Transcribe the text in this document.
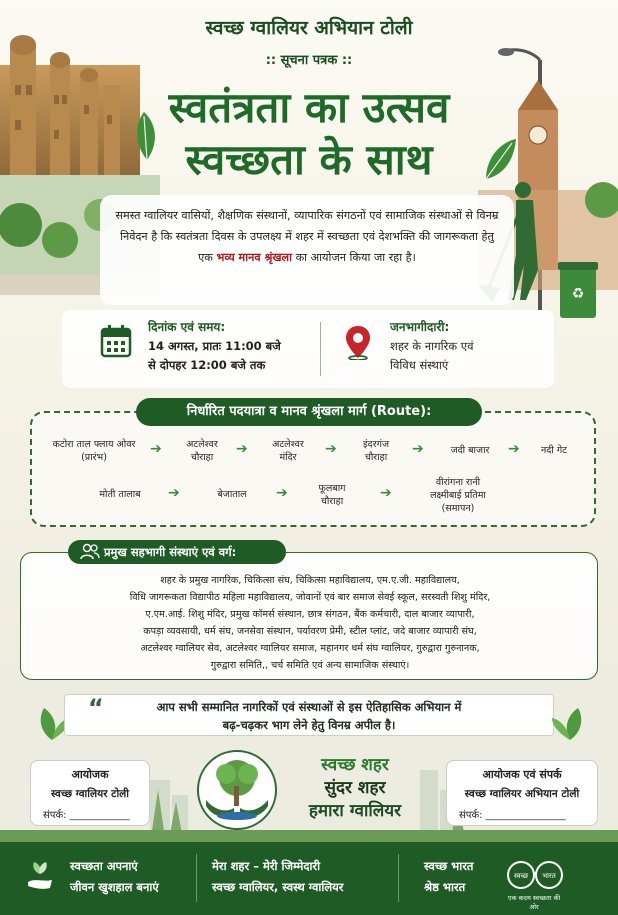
♻
स्वच्छ ग्वालियर अभियान टोली
:: सूचना पत्रक ::
स्वतंत्रता का उत्सव
स्वच्छता के साथ
समस्त ग्वालियर वासियों, शैक्षणिक संस्थानों, व्यापारिक संगठनों एवं सामाजिक संस्थाओं से विनम्र निवेदन है कि स्वतंत्रता दिवस के उपलक्ष्य में शहर में स्वच्छता एवं देशभक्ति की जागरूकता हेतु एक भव्य मानव श्रृंखला का आयोजन किया जा रहा है।
दिनांक एवं समय:
14 अगस्त, प्रातः 11:00 बजे
से दोपहर 12:00 बजे तक
जनभागीदारी:
शहर के नागरिक एवं
विविध संस्थाएं
निर्धारित पदयात्रा व मानव श्रृंखला मार्ग (Route):
कटोरा ताल फ्लाय ओवर
(प्रारंभ)
➔	अटलेश्वर
चौराहा
➔	अटलेश्वर
मंदिर
➔	इंदरगंज
चौराहा
➔	जदी बाजार	➔	नदी गेट
मोती तालाब	➔	बेजाताल	➔	फूलबाग
चौराहा
➔
वीरांगना रानी
लक्ष्मीबाई प्रतिमा
(समापन)
प्रमुख सहभागी संस्थाएं एवं वर्ग:
शहर के प्रमुख नागरिक, चिकित्सा संघ, चिकित्सा महाविद्यालय, एम.ए.जी. महाविद्यालय,
विधि जागरूकता विद्यापीठ महिला महाविद्यालय, जोवानों एवं बार समाज सेवई स्कूल, सरस्वती शिशु मंदिर,
ए.एम.आई. शिशु मंदिर, प्रमुख कॉमर्स संस्थान, छात्र संगठन, बैंक कर्मचारी, दाल बाजार व्यापारी,
कपड़ा व्यवसायी, धर्म संघ, जनसेवा संस्थान, पर्यावरण प्रेमी, स्टील प्लांट, जदे बाजार व्यापारी संघ,
अटलेश्वर ग्वालियर सेव, अटलेश्वर ग्वालियर समाज, महानगर धर्म संघ ग्वालियर, गुरुद्वारा गुरुनानक,
गुरुद्वारा समिति,, चर्च समिति एवं अन्य सामाजिक संस्थाएं।
आप सभी सम्मानित नागरिकों एवं संस्थाओं से इस ऐतिहासिक अभियान में
बढ़-चढ़कर भाग लेने हेतु विनम्र अपील है।
“
आयोजक
स्वच्छ ग्वालियर टोली
संपर्क: ____________
स्वच्छ शहर
सुंदर शहर
हमारा ग्वालियर
आयोजक एवं संपर्क
स्वच्छ ग्वालियर अभियान टोली
संपर्क: ________________
स्वच्छता अपनाएं
जीवन खुशहाल बनाएं
मेरा शहर – मेरी जिम्मेदारी
स्वच्छ ग्वालियर, स्वस्थ ग्वालियर
स्वच्छ भारत
श्रेष्ठ भारत
स्वच्छ भारत
एक कदम स्वच्छता की ओर
